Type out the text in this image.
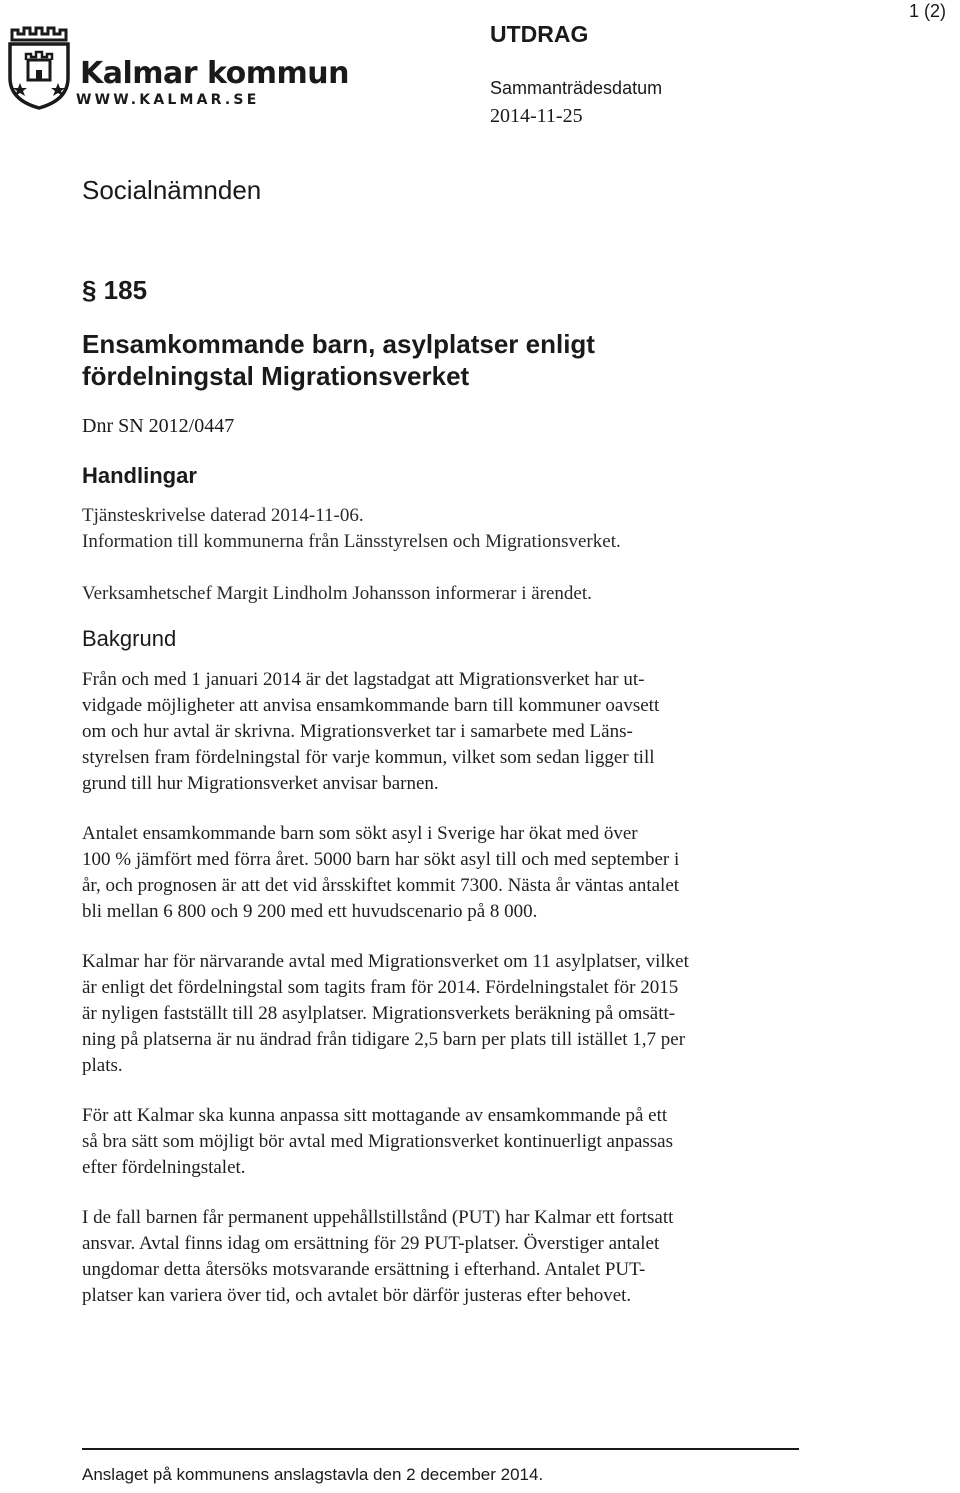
Kalmar kommun
WWW.KALMAR.SE
1 (2)
UTDRAG
Sammanträdesdatum
2014-11-25
Socialnämnden
§ 185
Ensamkommande barn, asylplatser enligt
fördelningstal Migrationsverket
Dnr SN 2012/0447
Handlingar
Tjänsteskrivelse daterad 2014-11-06.
Information till kommunerna från Länsstyrelsen och Migrationsverket.
Verksamhetschef Margit Lindholm Johansson informerar i ärendet.
Bakgrund

Från och med 1 januari 2014 är det lagstadgat att Migrationsverket har ut-
vidgade möjligheter att anvisa ensamkommande barn till kommuner oavsett
om och hur avtal är skrivna. Migrationsverket tar i samarbete med Läns-
styrelsen fram fördelningstal för varje kommun, vilket som sedan ligger till
grund till hur Migrationsverket anvisar barnen.

Antalet ensamkommande barn som sökt asyl i Sverige har ökat med över
100 % jämfört med förra året. 5000 barn har sökt asyl till och med september i
år, och prognosen är att det vid årsskiftet kommit 7300. Nästa år väntas antalet
bli mellan 6 800 och 9 200 med ett huvudscenario på 8 000.

Kalmar har för närvarande avtal med Migrationsverket om 11 asylplatser, vilket
är enligt det fördelningstal som tagits fram för 2014. Fördelningstalet för 2015
är nyligen fastställt till 28 asylplatser. Migrationsverkets beräkning på omsätt-
ning på platserna är nu ändrad från tidigare 2,5 barn per plats till istället 1,7 per
plats.

För att Kalmar ska kunna anpassa sitt mottagande av ensamkommande på ett
så bra sätt som möjligt bör avtal med Migrationsverket kontinuerligt anpassas
efter fördelningstalet.

I de fall barnen får permanent uppehållstillstånd (PUT) har Kalmar ett fortsatt
ansvar. Avtal finns idag om ersättning för 29 PUT-platser. Överstiger antalet
ungdomar detta återsöks motsvarande ersättning i efterhand. Antalet PUT-
platser kan variera över tid, och avtalet bör därför justeras efter behovet.

Anslaget på kommunens anslagstavla den 2 december 2014.
